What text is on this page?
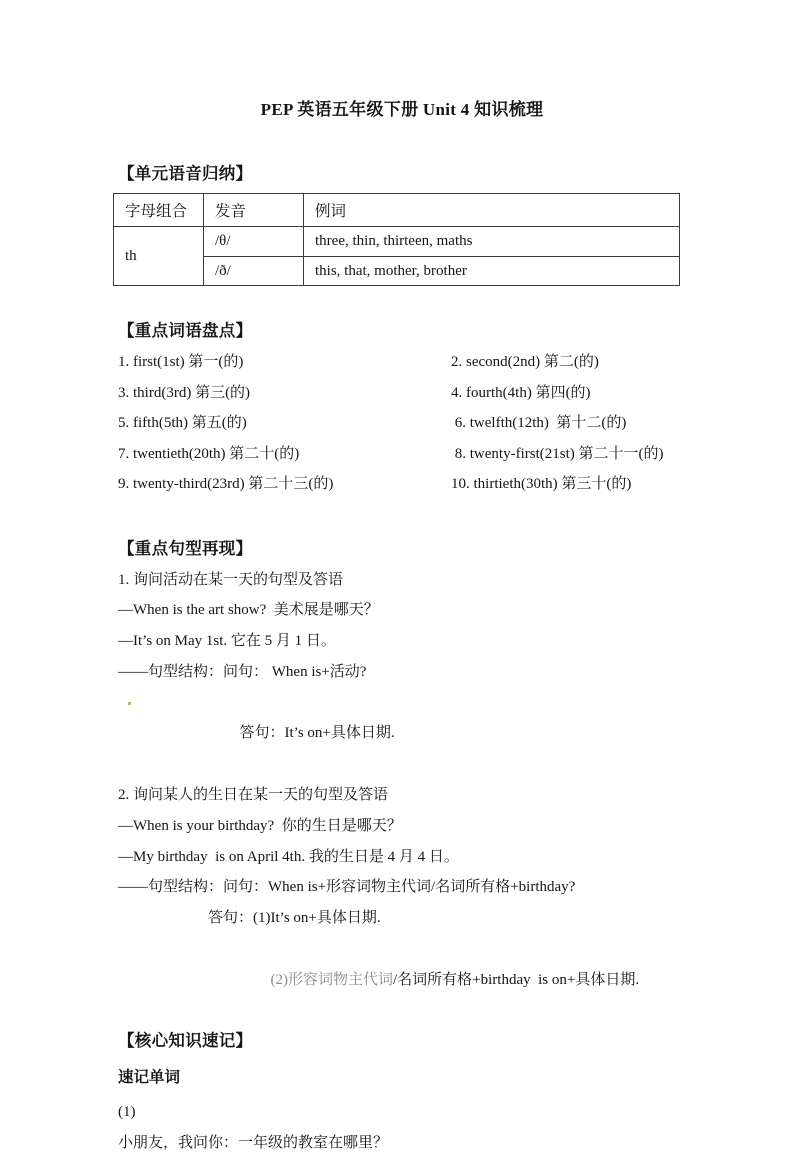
PEP 英语五年级下册 Unit 4 知识梳理
【单元语音归纳】
字母组合	发音	例词
th	/θ/	three, thin, thirteen, maths
	/ð/	this, that, mother, brother
【重点词语盘点】
1. first(1st) 第一(的)	2. second(2nd) 第二(的)
3. third(3rd) 第三(的)	4. fourth(4th) 第四(的)
5. fifth(5th) 第五(的)	6. twelfth(12th)  第十二(的)
7. twentieth(20th) 第二十(的)	8. twenty-first(21st) 第二十一(的)
9. twenty-third(23rd) 第二十三(的)	10. thirtieth(30th) 第三十(的)
【重点句型再现】
1. 询问活动在某一天的句型及答语
—When is the art show?  美术展是哪天？
—It’s on May 1st. 它在 5 月 1 日。
——句型结构：问句： When is+活动?

答句：It’s on+具体日期.

2. 询问某人的生日在某一天的句型及答语
—When is your birthday?  你的生日是哪天？
—My birthday  is on April 4th. 我的生日是 4 月 4 日。
——句型结构：问句：When is+形容词物主代词/名词所有格+birthday?
答句：(1)It’s on+具体日期.

(2)形容词物主代词/名词所有格+birthday  is on+具体日期.

【核心知识速记】
速记单词
(1)
小朋友，我问你：一年级的教室在哪里？
